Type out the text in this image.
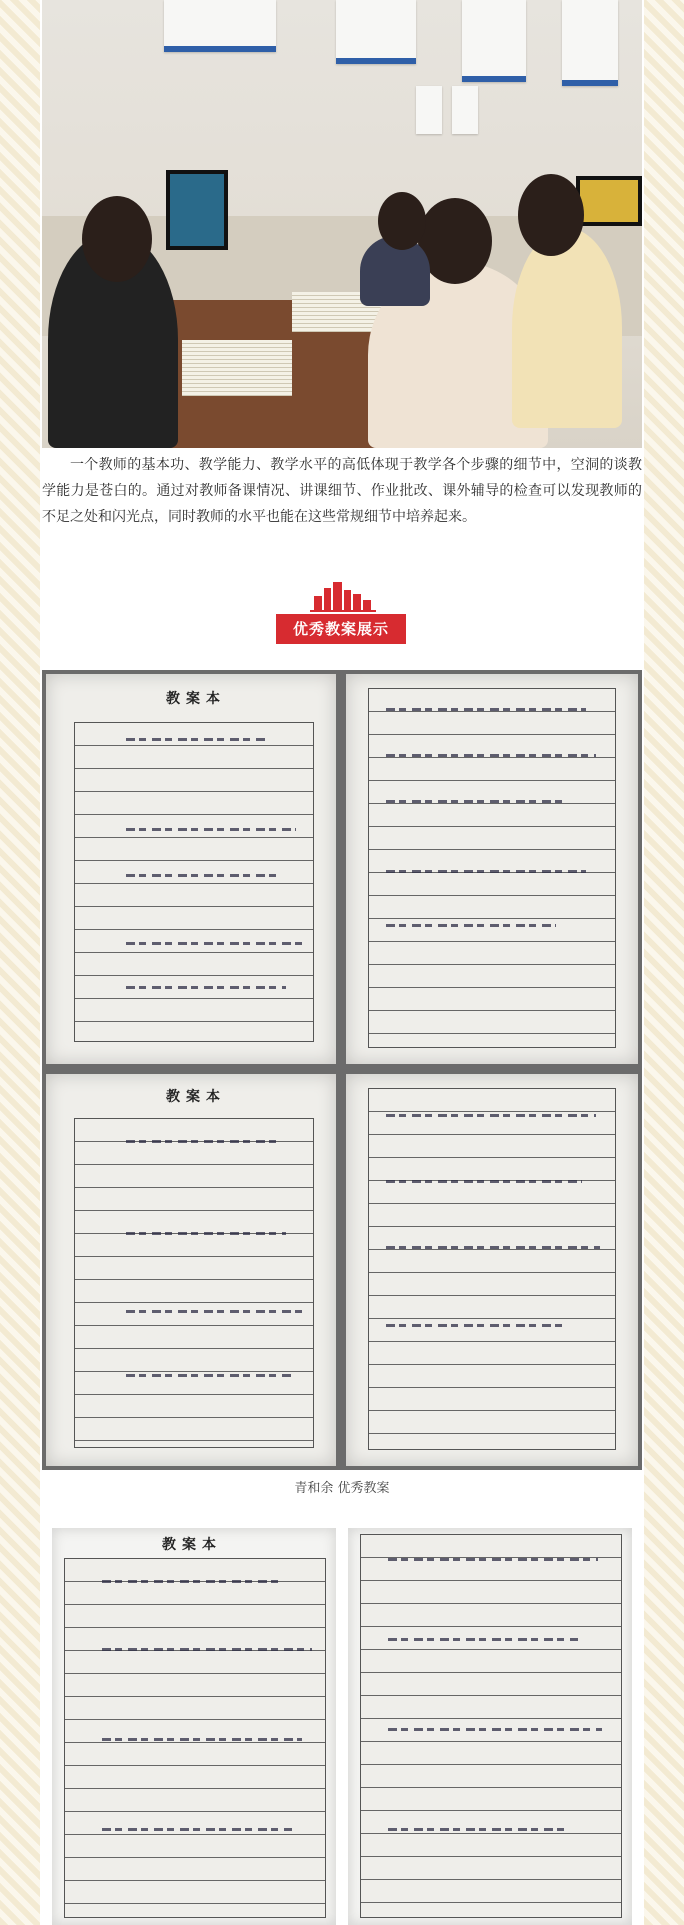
一个教师的基本功、教学能力、教学水平的高低体现于教学各个步骤的细节中，空洞的谈教学能力是苍白的。通过对教师备课情况、讲课细节、作业批改、课外辅导的检查可以发现教师的不足之处和闪光点，同时教师的水平也能在这些常规细节中培养起来。

优秀教案展示
教案本
教案本
青和余 优秀教案
教案本
